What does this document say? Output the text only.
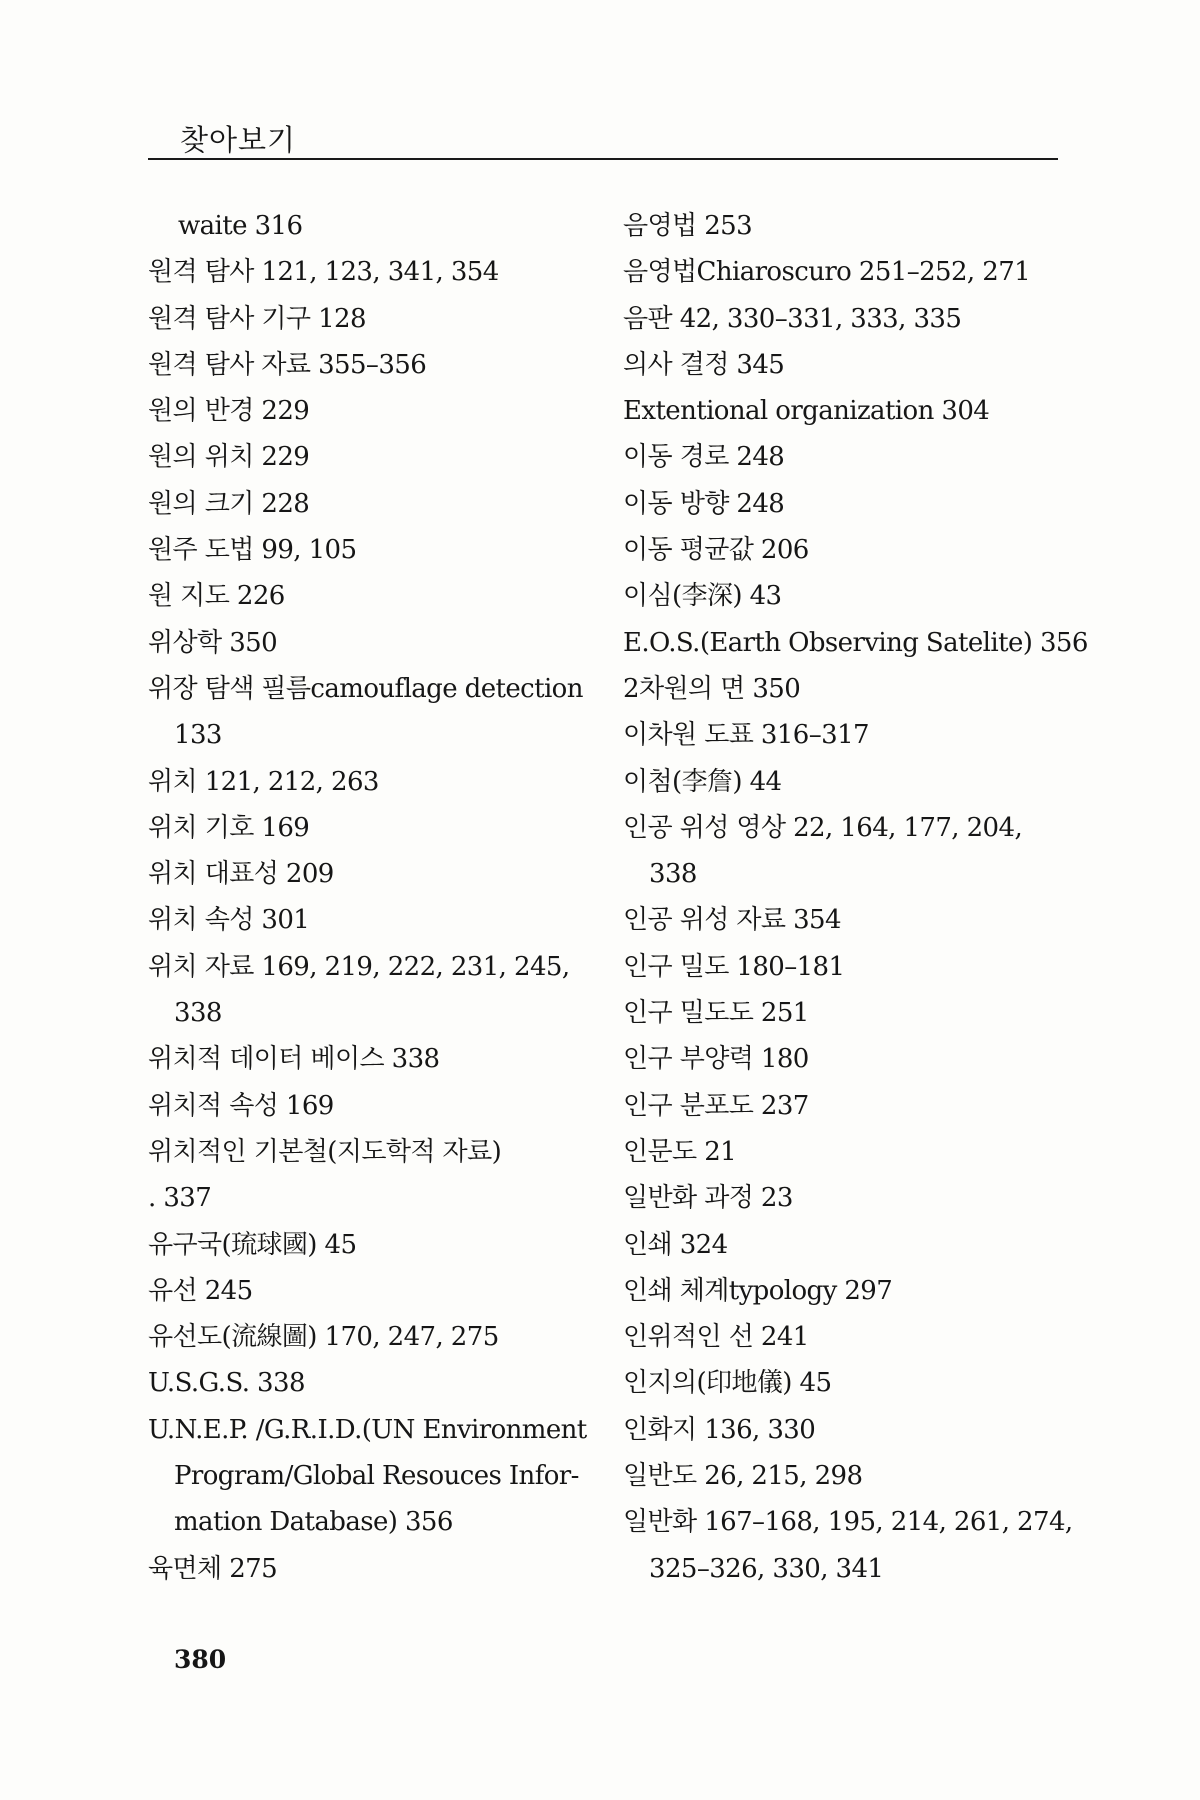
찾아보기
waite 316
원격 탐사 121, 123, 341, 354
원격 탐사 기구 128
원격 탐사 자료 355–356
원의 반경 229
원의 위치 229
원의 크기 228
원주 도법 99, 105
원 지도 226
위상학 350
위장 탐색 필름camouflage detection
133
위치 121, 212, 263
위치 기호 169
위치 대표성 209
위치 속성 301
위치 자료 169, 219, 222, 231, 245,
338
위치적 데이터 베이스 338
위치적 속성 169
위치적인 기본철(지도학적 자료)
. 337
유구국(琉球國) 45
유선 245
유선도(流線圖) 170, 247, 275
U.S.G.S. 338
U.N.E.P. /G.R.I.D.(UN Environment
Program/Global Resouces Infor-
mation Database) 356
육면체 275
음영법 253
음영법Chiaroscuro 251–252, 271
음판 42, 330–331, 333, 335
의사 결정 345
Extentional organization 304
이동 경로 248
이동 방향 248
이동 평균값 206
이심(李深) 43
E.O.S.(Earth Observing Satelite) 356
2차원의 면 350
이차원 도표 316–317
이첨(李詹) 44
인공 위성 영상 22, 164, 177, 204,
338
인공 위성 자료 354
인구 밀도 180–181
인구 밀도도 251
인구 부양력 180
인구 분포도 237
인문도 21
일반화 과정 23
인쇄 324
인쇄 체계typology 297
인위적인 선 241
인지의(印地儀) 45
인화지 136, 330
일반도 26, 215, 298
일반화 167–168, 195, 214, 261, 274,
325–326, 330, 341
380
